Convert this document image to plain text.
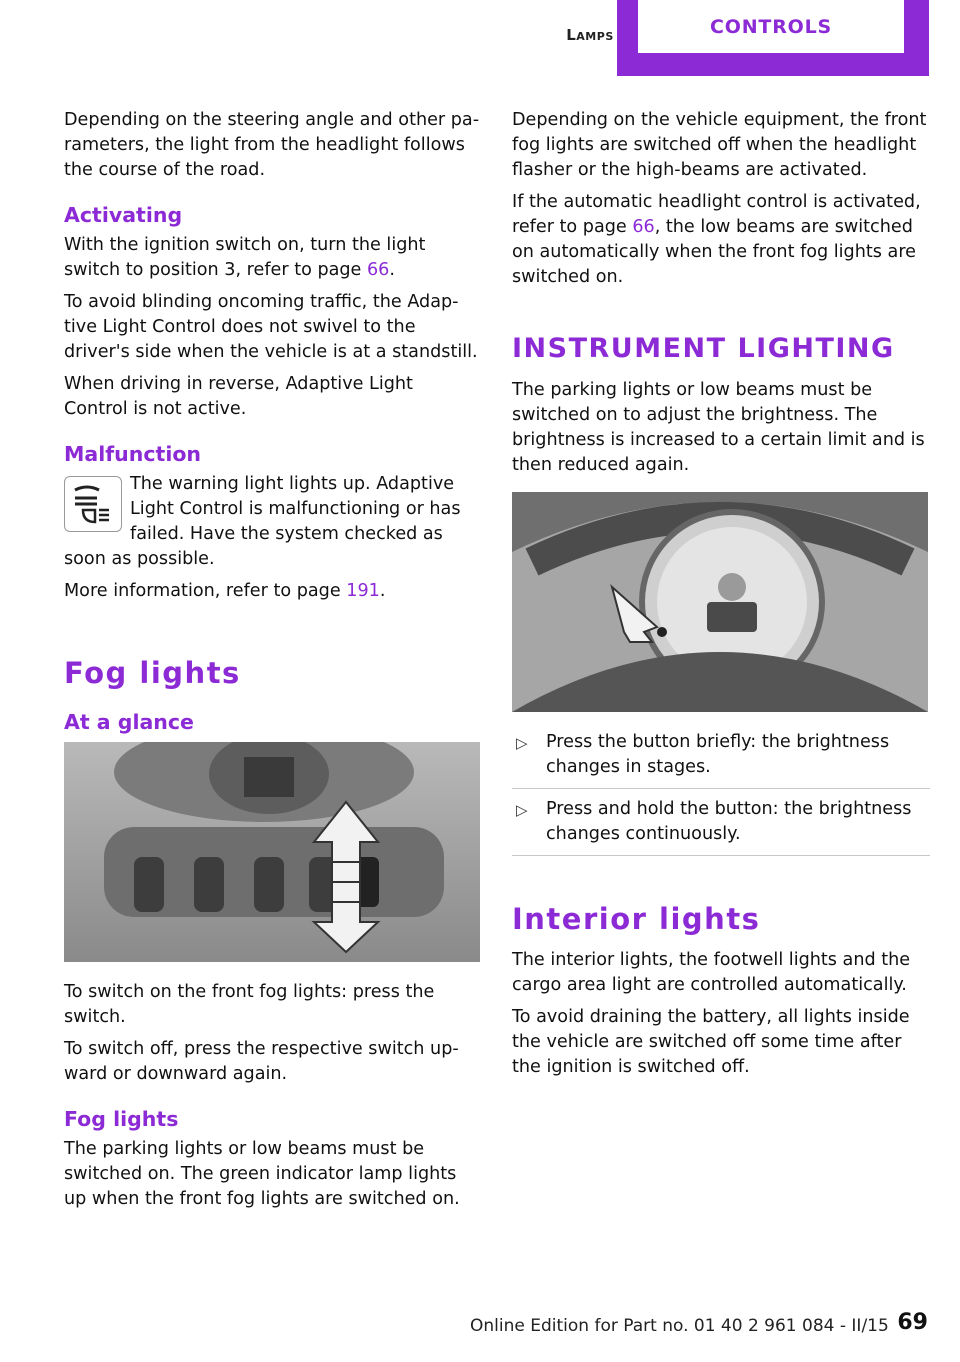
Lamps	CONTROLS

Depending on the steering angle and other pa‐rameters, the light from the headlight follows the course of the road.

Activating

With the ignition switch on, turn the light switch to position 3, refer to page 66.

To avoid blinding oncoming traffic, the Adap‐tive Light Control does not swivel to the driver's side when the vehicle is at a standstill.

When driving in reverse, Adaptive Light Control is not active.

Malfunction

The warning light lights up. Adaptive Light Control is malfunctioning or has failed. Have the system checked as soon as possible.

More information, refer to page 191.

Fog lights
At a glance

To switch on the front fog lights: press the switch.

To switch off, press the respective switch up‐ward or downward again.

Fog lights

The parking lights or low beams must be switched on. The green indicator lamp lights up when the front fog lights are switched on.

Depending on the vehicle equipment, the front fog lights are switched off when the headlight flasher or the high-beams are activated.

If the automatic headlight control is activated, refer to page 66, the low beams are switched on automatically when the front fog lights are switched on.

INSTRUMENT LIGHTING

The parking lights or low beams must be switched on to adjust the brightness. The brightness is increased to a certain limit and is then reduced again.

▷ Press the button briefly: the brightness changes in stages.
▷ Press and hold the button: the brightness changes continuously.
Interior lights

The interior lights, the footwell lights and the cargo area light are controlled automatically.

To avoid draining the battery, all lights inside the vehicle are switched off some time after the ignition is switched off.

Online Edition for Part no. 01 40 2 961 084 - II/15 69
